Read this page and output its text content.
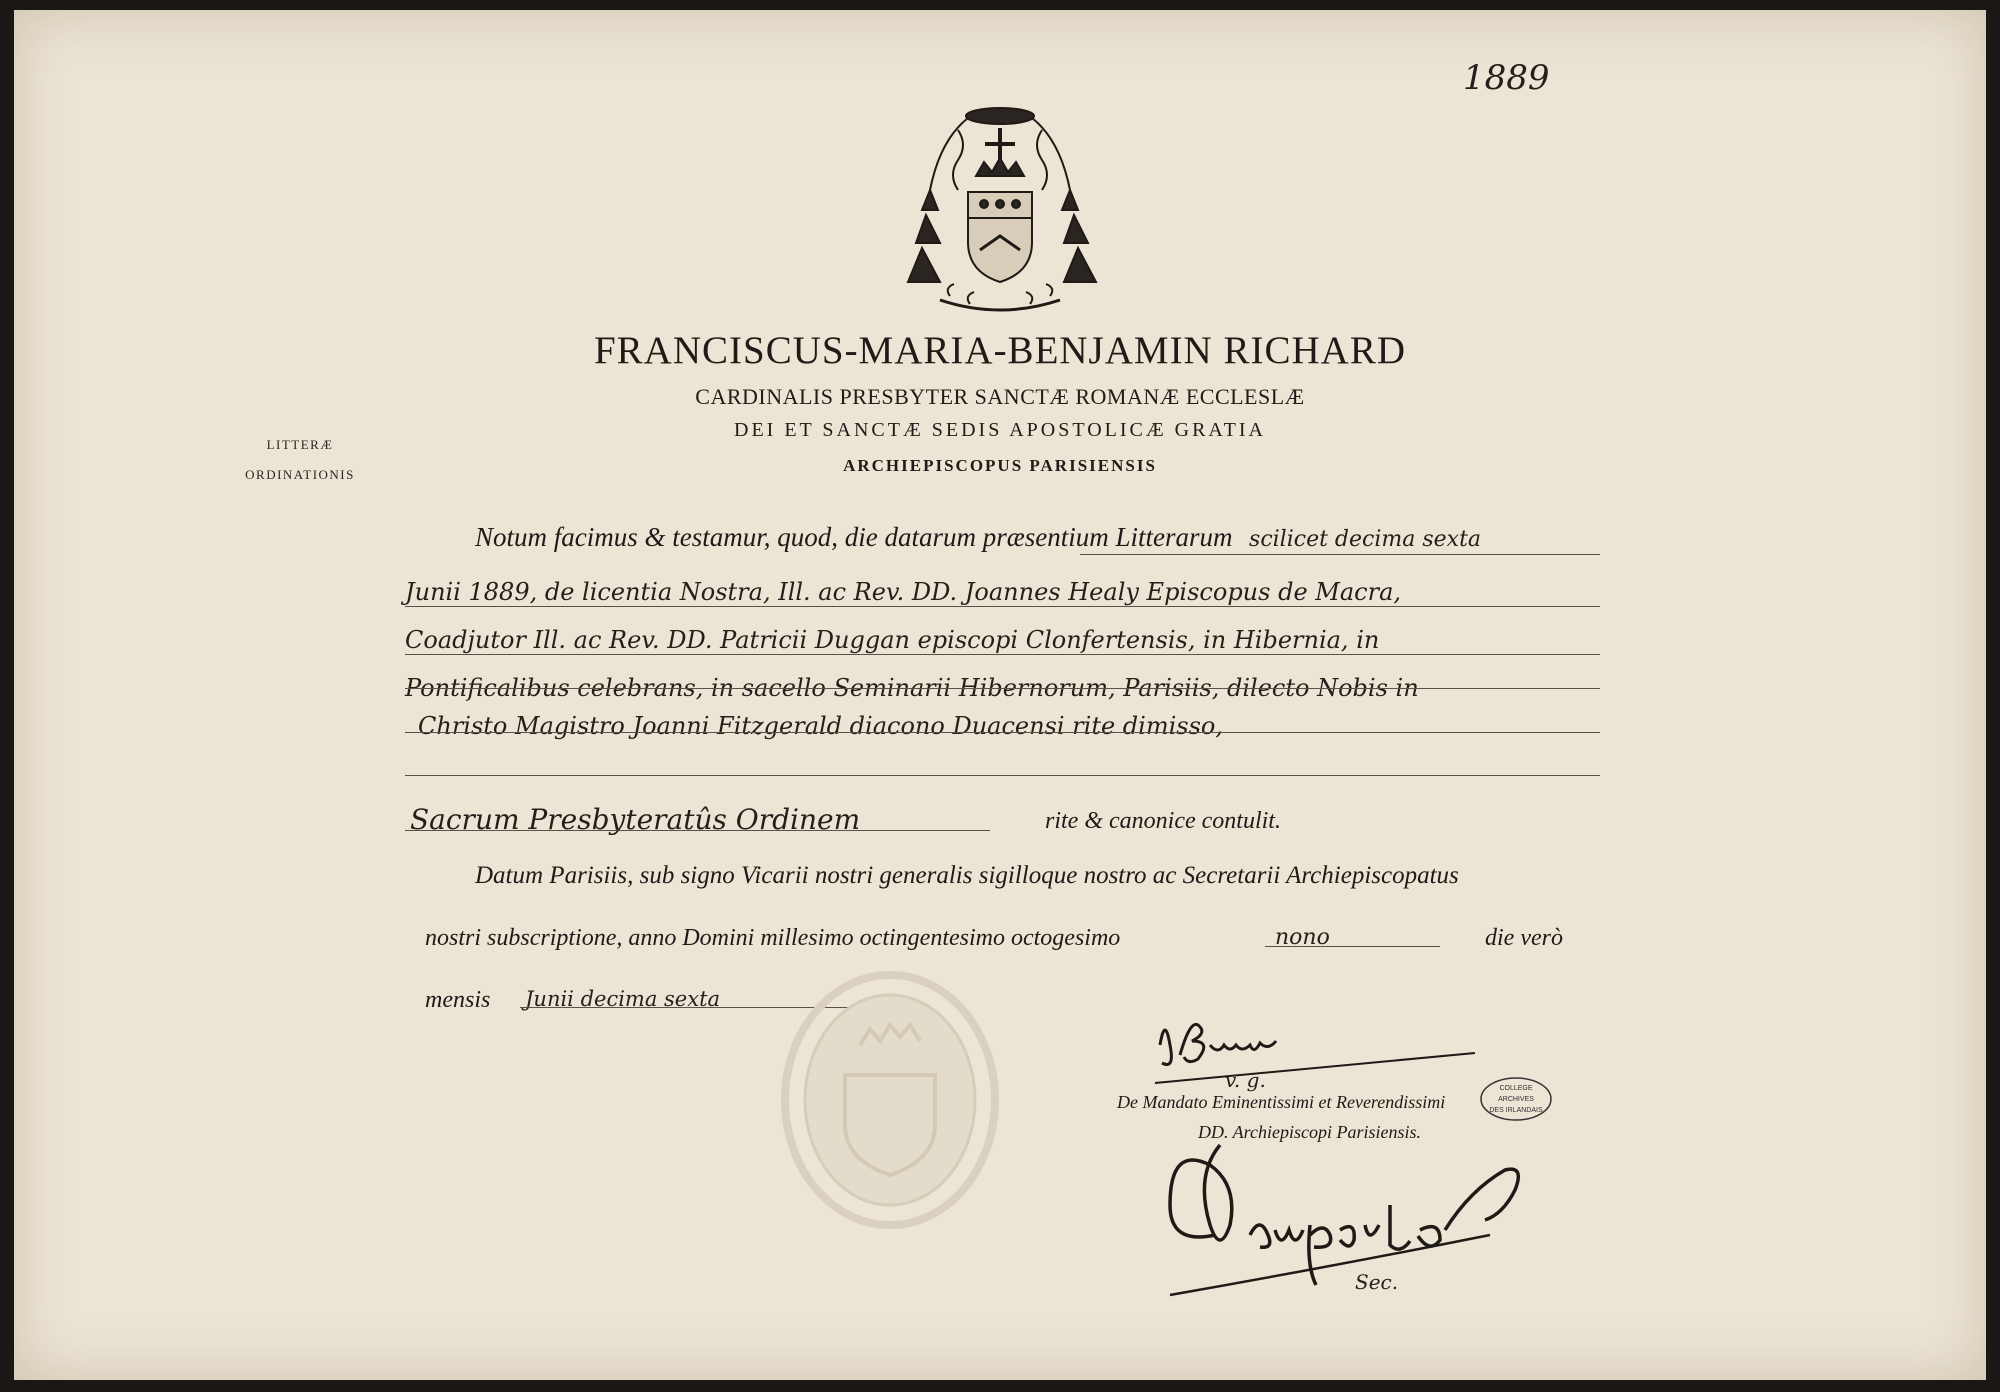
1889
FRANCISCUS-MARIA-BENJAMIN RICHARD
CARDINALIS PRESBYTER SANCTÆ ROMANÆ ECCLESLÆ
DEI ET SANCTÆ SEDIS APOSTOLICÆ GRATIA
ARCHIEPISCOPUS PARISIENSIS
LITTERÆ
ORDINATIONIS
Notum facimus & testamur, quod, die datarum præsentium Litterarum scilicet decima sexta
Junii 1889, de licentia Nostra, Ill. ac Rev. DD. Joannes Healy Episcopus de Macra,
Coadjutor Ill. ac Rev. DD. Patricii Duggan episcopi Clonfertensis, in Hibernia, in
Pontificalibus celebrans, in sacello Seminarii Hibernorum, Parisiis, dilecto Nobis in
Christo Magistro Joanni Fitzgerald diacono Duacensi rite dimisso,
Sacrum Presbyteratûs Ordinem	rite & canonice contulit.
Datum Parisiis, sub signo Vicarii nostri generalis sigilloque nostro ac Secretarii Archiepiscopatus
nostri subscriptione, anno Domini millesimo octingentesimo octogesimo	nono	die verò
mensis Junii decima sexta
v. g.
De Mandato Eminentissimi et Reverendissimi
DD. Archiepiscopi Parisiensis.
COLLEGE
ARCHIVES
DES IRLANDAIS
Sec.
